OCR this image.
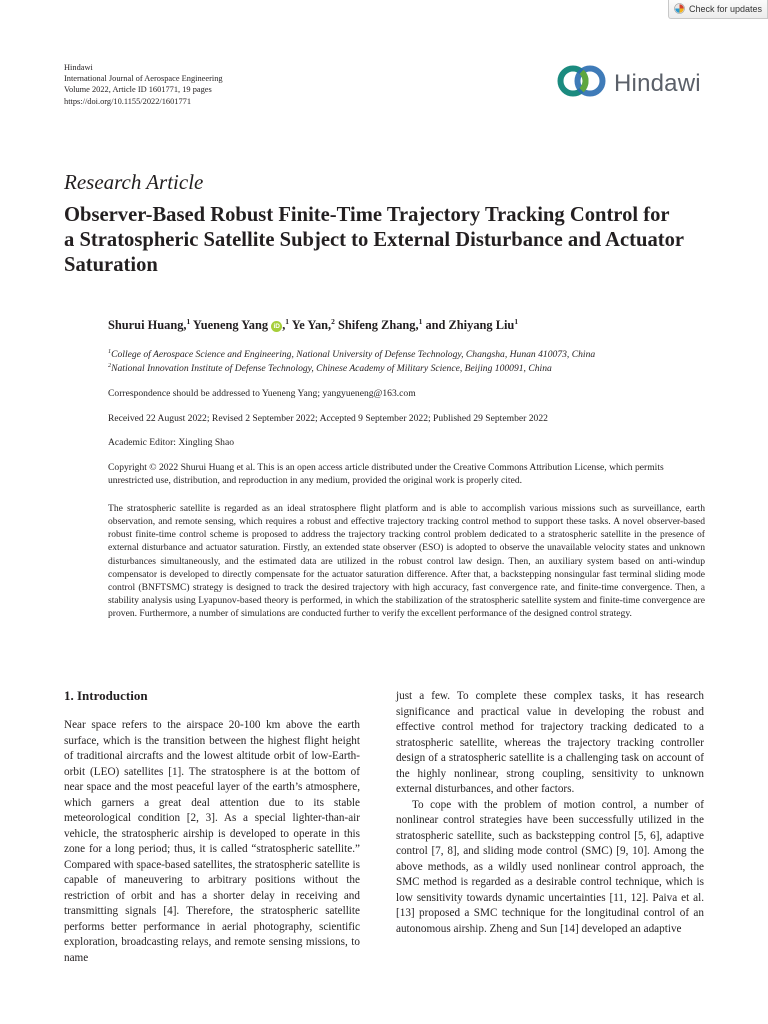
Check for updates
Hindawi
International Journal of Aerospace Engineering
Volume 2022, Article ID 1601771, 19 pages
https://doi.org/10.1155/2022/1601771
Hindawi
Research Article
Observer-Based Robust Finite-Time Trajectory Tracking Control for a Stratospheric Satellite Subject to External Disturbance and Actuator Saturation
Shurui Huang,$^1$ Yueneng Yang iD ,$^1$ Ye Yan,$^2$ Shifeng Zhang,$^1$ and Zhiyang Liu$^1$
$^1$College of Aerospace Science and Engineering, National University of Defense Technology, Changsha, Hunan 410073, China
$^2$National Innovation Institute of Defense Technology, Chinese Academy of Military Science, Beijing 100091, China
Correspondence should be addressed to Yueneng Yang; yangyueneng@163.com
Received 22 August 2022; Revised 2 September 2022; Accepted 9 September 2022; Published 29 September 2022
Academic Editor: Xingling Shao
Copyright © 2022 Shurui Huang et al. This is an open access article distributed under the Creative Commons Attribution License, which permits unrestricted use, distribution, and reproduction in any medium, provided the original work is properly cited.
The stratospheric satellite is regarded as an ideal stratosphere flight platform and is able to accomplish various missions such as surveillance, earth observation, and remote sensing, which requires a robust and effective trajectory tracking control method to support these tasks. A novel observer-based robust finite-time control scheme is proposed to address the trajectory tracking control problem dedicated to a stratospheric satellite in the presence of external disturbance and actuator saturation. Firstly, an extended state observer (ESO) is adopted to observe the unavailable velocity states and unknown disturbances simultaneously, and the estimated data are utilized in the robust control law design. Then, an auxiliary system based on anti-windup compensator is developed to directly compensate for the actuator saturation difference. After that, a backstepping nonsingular fast terminal sliding mode control (BNFTSMC) strategy is designed to track the desired trajectory with high accuracy, fast convergence rate, and finite-time convergence. Then, a stability analysis using Lyapunov-based theory is performed, in which the stabilization of the stratospheric satellite system and finite-time convergence are proven. Furthermore, a number of simulations are conducted further to verify the excellent performance of the designed control strategy.
1. Introduction

Near space refers to the airspace 20-100 km above the earth surface, which is the transition between the highest flight height of traditional aircrafts and the lowest altitude orbit of low-Earth-orbit (LEO) satellites [1]. The stratosphere is at the bottom of near space and the most peaceful layer of the earth’s atmosphere, which garners a great deal attention due to its stable meteorological condition [2, 3]. As a special lighter-than-air vehicle, the stratospheric airship is developed to operate in this zone for a long period; thus, it is called “stratospheric satellite.” Compared with space-based satellites, the stratospheric satellite is capable of maneuvering to arbitrary positions without the restriction of orbit and has a shorter delay in receiving and transmitting signals [4]. Therefore, the stratospheric satellite performs better performance in aerial photography, scientific exploration, broadcasting relays, and remote sensing missions, to name

just a few. To complete these complex tasks, it has research significance and practical value in developing the robust and effective control method for trajectory tracking dedicated to a stratospheric satellite, whereas the trajectory tracking controller design of a stratospheric satellite is a challenging task on account of the highly nonlinear, strong coupling, sensitivity to unknown external disturbances, and other factors.

To cope with the problem of motion control, a number of nonlinear control strategies have been successfully utilized in the stratospheric satellite, such as backstepping control [5, 6], adaptive control [7, 8], and sliding mode control (SMC) [9, 10]. Among the above methods, as a wildly used nonlinear control approach, the SMC method is regarded as a desirable control technique, which is low sensitivity towards dynamic uncertainties [11, 12]. Paiva et al. [13] proposed a SMC technique for the longitudinal control of an autonomous airship. Zheng and Sun [14] developed an adaptive
